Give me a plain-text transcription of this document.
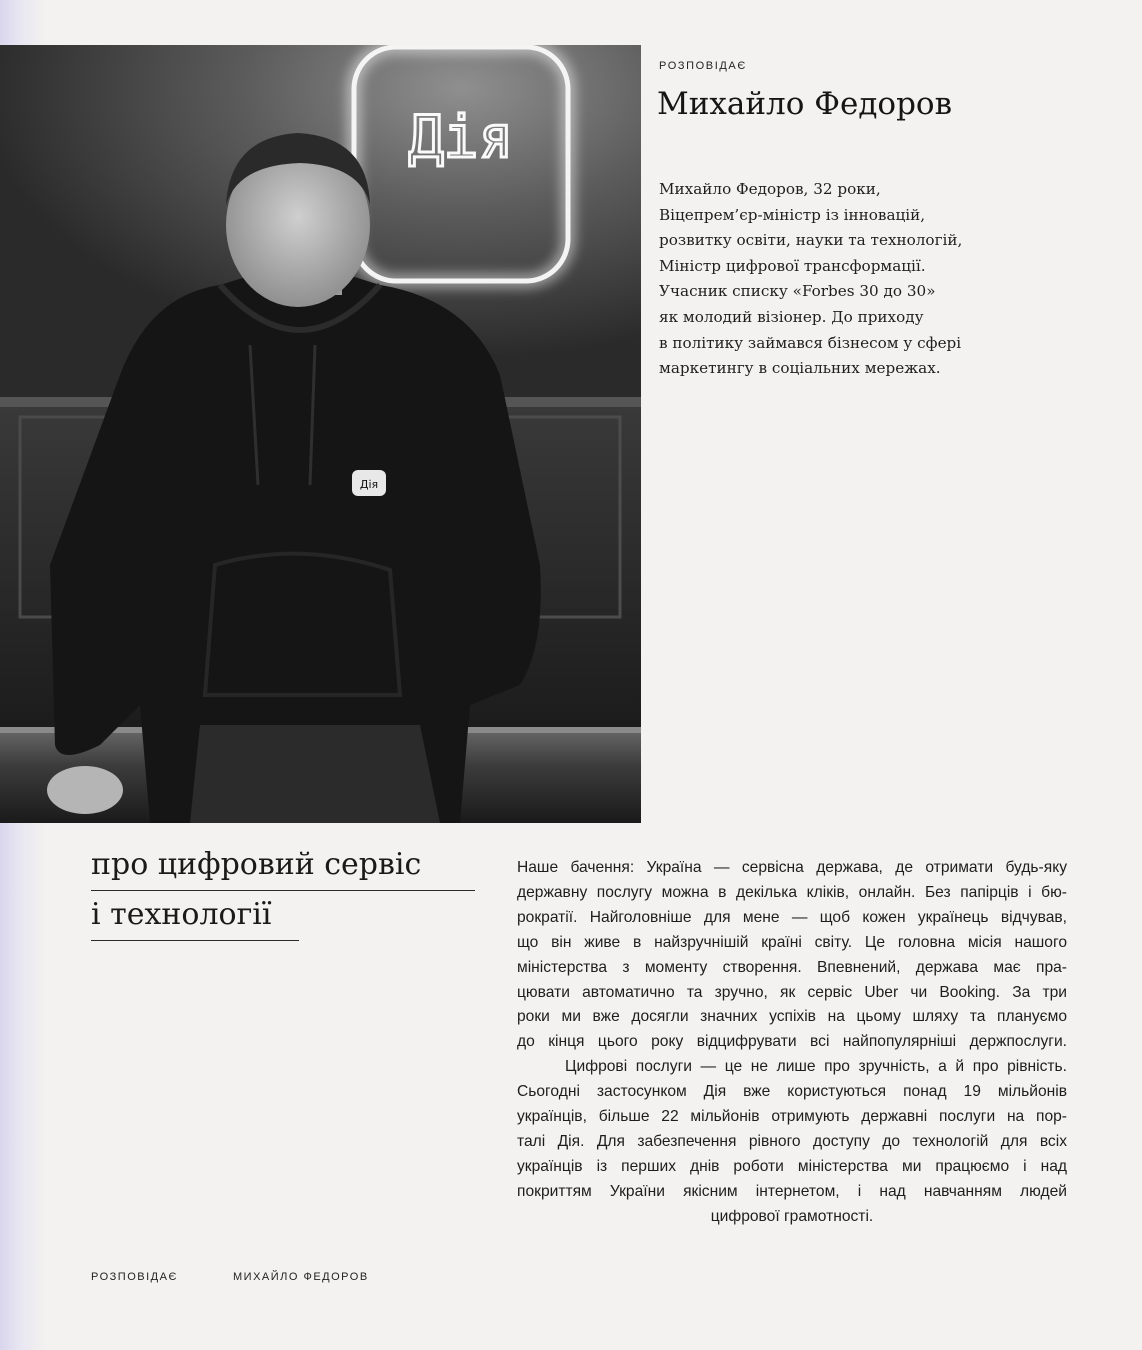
Дія
Дія
РОЗПОВІДАЄ
Михайло Федоров
Михайло Федоров, 32 роки,
Віцепрем’єр-міністр із інновацій,
розвитку освіти, науки та технологій,
Міністр цифрової трансформації.
Учасник списку «Forbes 30 до 30»
як молодий візіонер. До приходу
в політику займався бізнесом у сфері
маркетингу в соціальних мережах.
про цифровий сервіс
і технології
Наше бачення: Україна — сервісна держава, де отримати будь-яку
державну послугу можна в декілька кліків, онлайн. Без папірців і бю-
рократії. Найголовніше для мене — щоб кожен українець відчував,
що він живе в найзручнішій країні світу. Це головна місія нашого
міністерства з моменту створення. Впевнений, держава має пра-
цювати автоматично та зручно, як сервіс Uber чи Booking. За три
роки ми вже досягли значних успіхів на цьому шляху та плануємо
до кінця цього року відцифрувати всі найпопулярніші держпослуги.
Цифрові послуги — це не лише про зручність, а й про рівність.
Сьогодні застосунком Дія вже користуються понад 19 мільйонів
українців, більше 22 мільйонів отримують державні послуги на пор-
талі Дія. Для забезпечення рівного доступу до технологій для всіх
українців із перших днів роботи міністерства ми працюємо і над
покриттям України якісним інтернетом, і над навчанням людей
цифрової грамотності.
РОЗПОВІДАЄ	МИХАЙЛО ФЕДОРОВ
